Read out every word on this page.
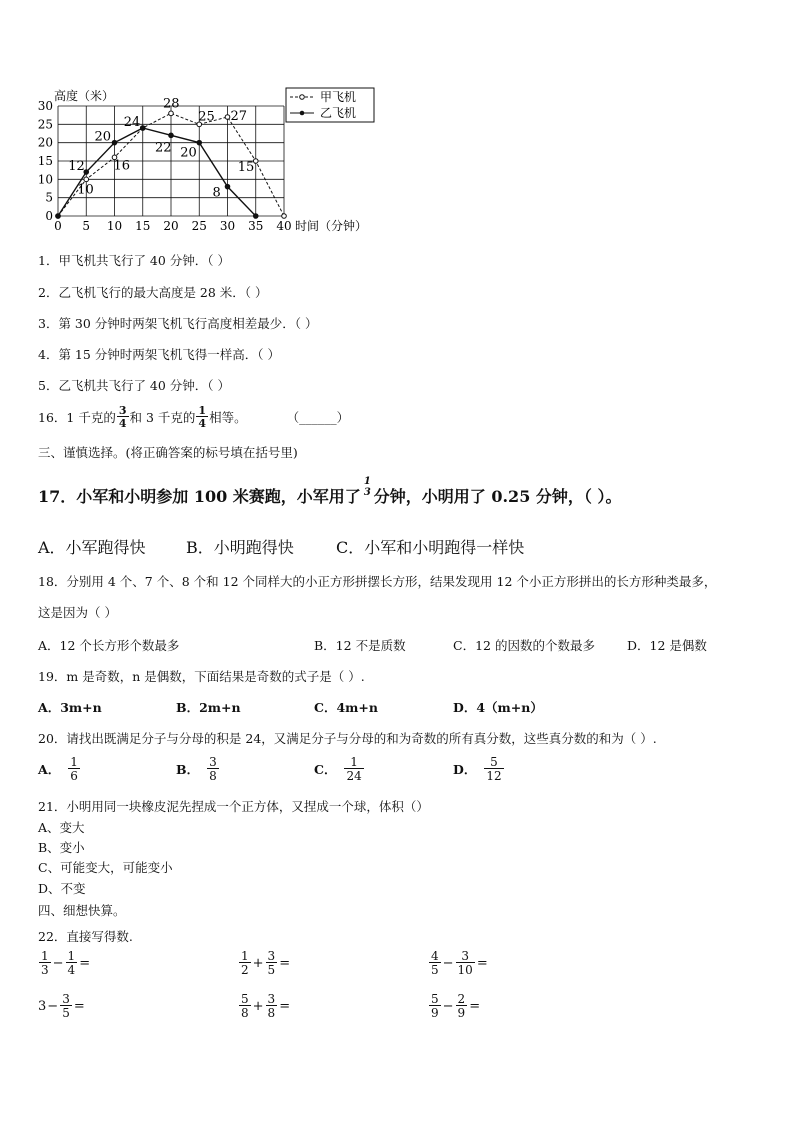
0 5 10 15 20 25 30 35 40
0
5
10
15
20
25
30
10
16
28
25 27
15
12
20
24
22 20
8
高度（米）
时间（分钟）
甲飞机
乙飞机
1．甲飞机共飞行了 40 分钟．（ ）
2．乙飞机飞行的最大高度是 28 米．（ ）
3．第 30 分钟时两架飞机飞行高度相差最少．（ ）
4．第 15 分钟时两架飞机飞得一样高．（ ）
5．乙飞机共飞行了 40 分钟．（ ）
16．1 千克的 $\frac{3}{4}$ 和 3 千克的 $\frac{1}{4}$ 相等。	（______）
三、谨慎选择。(将正确答案的标号填在括号里)
17．小军和小明参加 100 米赛跑，小军用了
1
3 分钟，小明用了 0.25 分钟，（ ）。
A．小军跑得快	B．小明跑得快	C．小军和小明跑得一样快
18．分别用 4 个、7 个、8 个和 12 个同样大的小正方形拼摆长方形，结果发现用 12 个小正方形拼出的长方形种类最多，
这是因为（ ）
A．12 个长方形个数最多	B．12 不是质数	C．12 的因数的个数最多	D．12 是偶数
19．m 是奇数，n 是偶数，下面结果是奇数的式子是（ ）.
A．3m+n	B．2m+n	C．4m+n	D．4（m+n）
20．请找出既满足分子与分母的积是 24，又满足分子与分母的和为奇数的所有真分数，这些真分数的和为（ ）.
A． $\frac{1}{6}$	B． $\frac{3}{8}$	C． $\frac{1}{24}$	D． $\frac{5}{12}$
21．小明用同一块橡皮泥先捏成一个正方体，又捏成一个球，体积（）
A、变大
B、变小
C、可能变大，可能变小
D、不变
四、细想快算。
22．直接写得数.
$\frac{1}{3} - \frac{1}{4}$ =	$\frac{1}{2} + \frac{3}{5}$ =	$\frac{4}{5} - \frac{3}{10}$ =
$3 - \frac{3}{5}$ =	$\frac{5}{8} + \frac{3}{8}$ =	$\frac{5}{9} - \frac{2}{9}$ =
